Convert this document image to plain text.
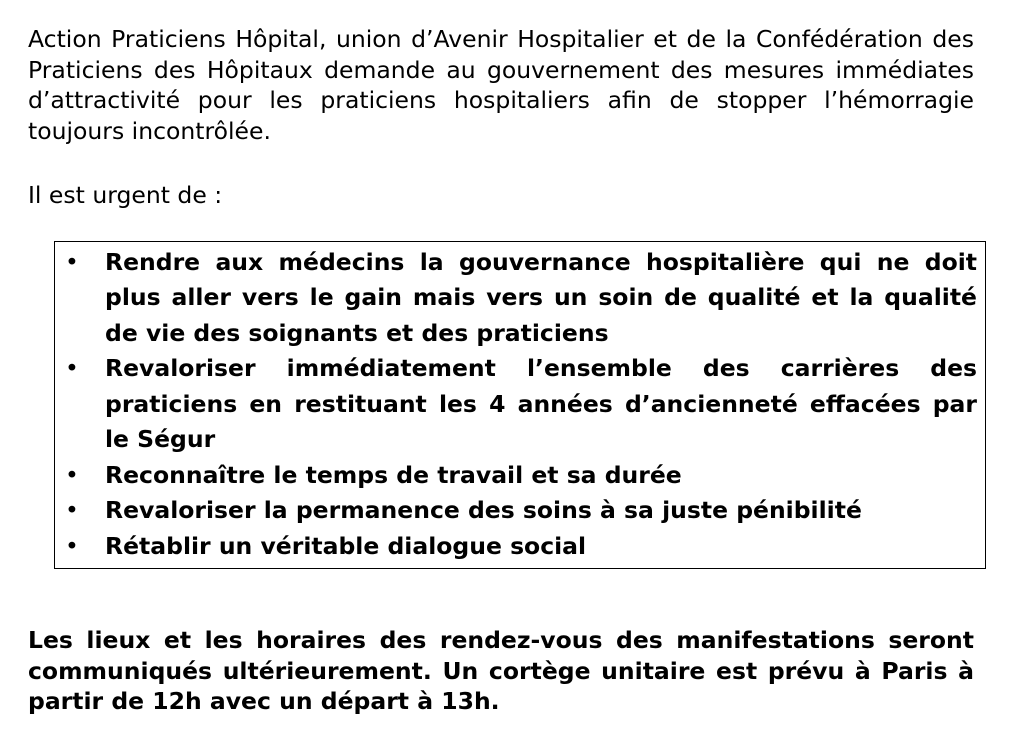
Action Praticiens Hôpital, union d’Avenir Hospitalier et de la Confédération des Praticiens des Hôpitaux demande au gouvernement des mesures immédiates d’attractivité pour les praticiens hospitaliers afin de stopper l’hémorragie toujours incontrôlée.

Il est urgent de :

• Rendre aux médecins la gouvernance hospitalière qui ne doit plus aller vers le gain mais vers un soin de qualité et la qualité de vie des soignants et des praticiens
• Revaloriser immédiatement l’ensemble des carrières des praticiens en restituant les 4 années d’ancienneté effacées par le Ségur
• Reconnaître le temps de travail et sa durée
• Revaloriser la permanence des soins à sa juste pénibilité
• Rétablir un véritable dialogue social

Les lieux et les horaires des rendez-vous des manifestations seront communiqués ultérieurement. Un cortège unitaire est prévu à Paris à partir de 12h avec un départ à 13h.
